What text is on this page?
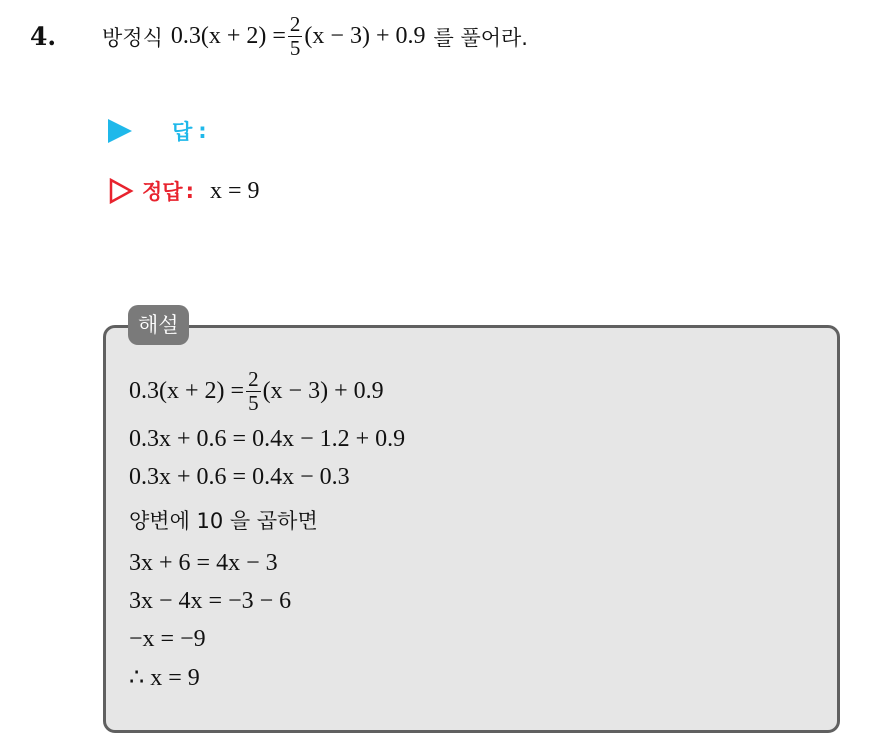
4. 방정식 $0.3(x + 2) = \frac{2}{5} (x - 3) + 0.9$ 를 풀어라.
답 :
정답 : x = 9
해설
$0.3(x + 2) = \frac{2}{5} (x - 3) + 0.9$
0.3x + 0.6 = 0.4x − 1.2 + 0.9
0.3x + 0.6 = 0.4x − 0.3
양변에 10 을 곱하면
3x + 6 = 4x − 3
3x − 4x = −3 − 6
−x = −9
∴ x = 9
